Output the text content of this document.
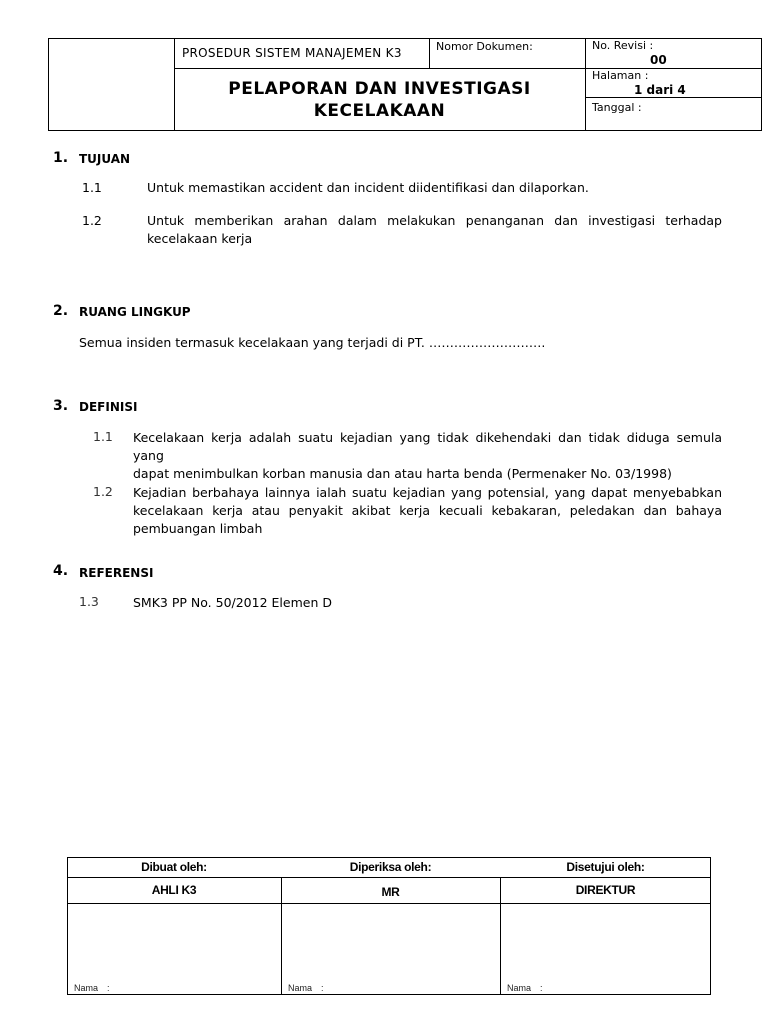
PROSEDUR SISTEM MANAJEMEN K3	Nomor Dokumen:	No. Revisi :
00
PELAPORAN DAN INVESTIGASI
KECELAKAAN
Halaman :
1 dari 4
Tanggal :
1. TUJUAN
1.1	Untuk memastikan accident dan incident diidentifikasi dan dilaporkan.
1.2	Untuk memberikan arahan dalam melakukan penanganan dan investigasi terhadap
kecelakaan kerja
2. RUANG LINGKUP
Semua insiden termasuk kecelakaan yang terjadi di PT. ……………………….
3. DEFINISI
1.1 Kecelakaan kerja adalah suatu kejadian yang tidak dikehendaki dan tidak diduga semula yang
dapat menimbulkan korban manusia dan atau harta benda (Permenaker No. 03/1998)
1.2 Kejadian berbahaya lainnya ialah suatu kejadian yang potensial, yang dapat menyebabkan
kecelakaan kerja atau penyakit akibat kerja kecuali kebakaran, peledakan dan bahaya
pembuangan limbah
4. REFERENSI
1.3	SMK3 PP No. 50/2012 Elemen D
Dibuat oleh:	Diperiksa oleh:	Disetujui oleh:
AHLI K3	MR	DIREKTUR
Nama :	Nama :	Nama :
